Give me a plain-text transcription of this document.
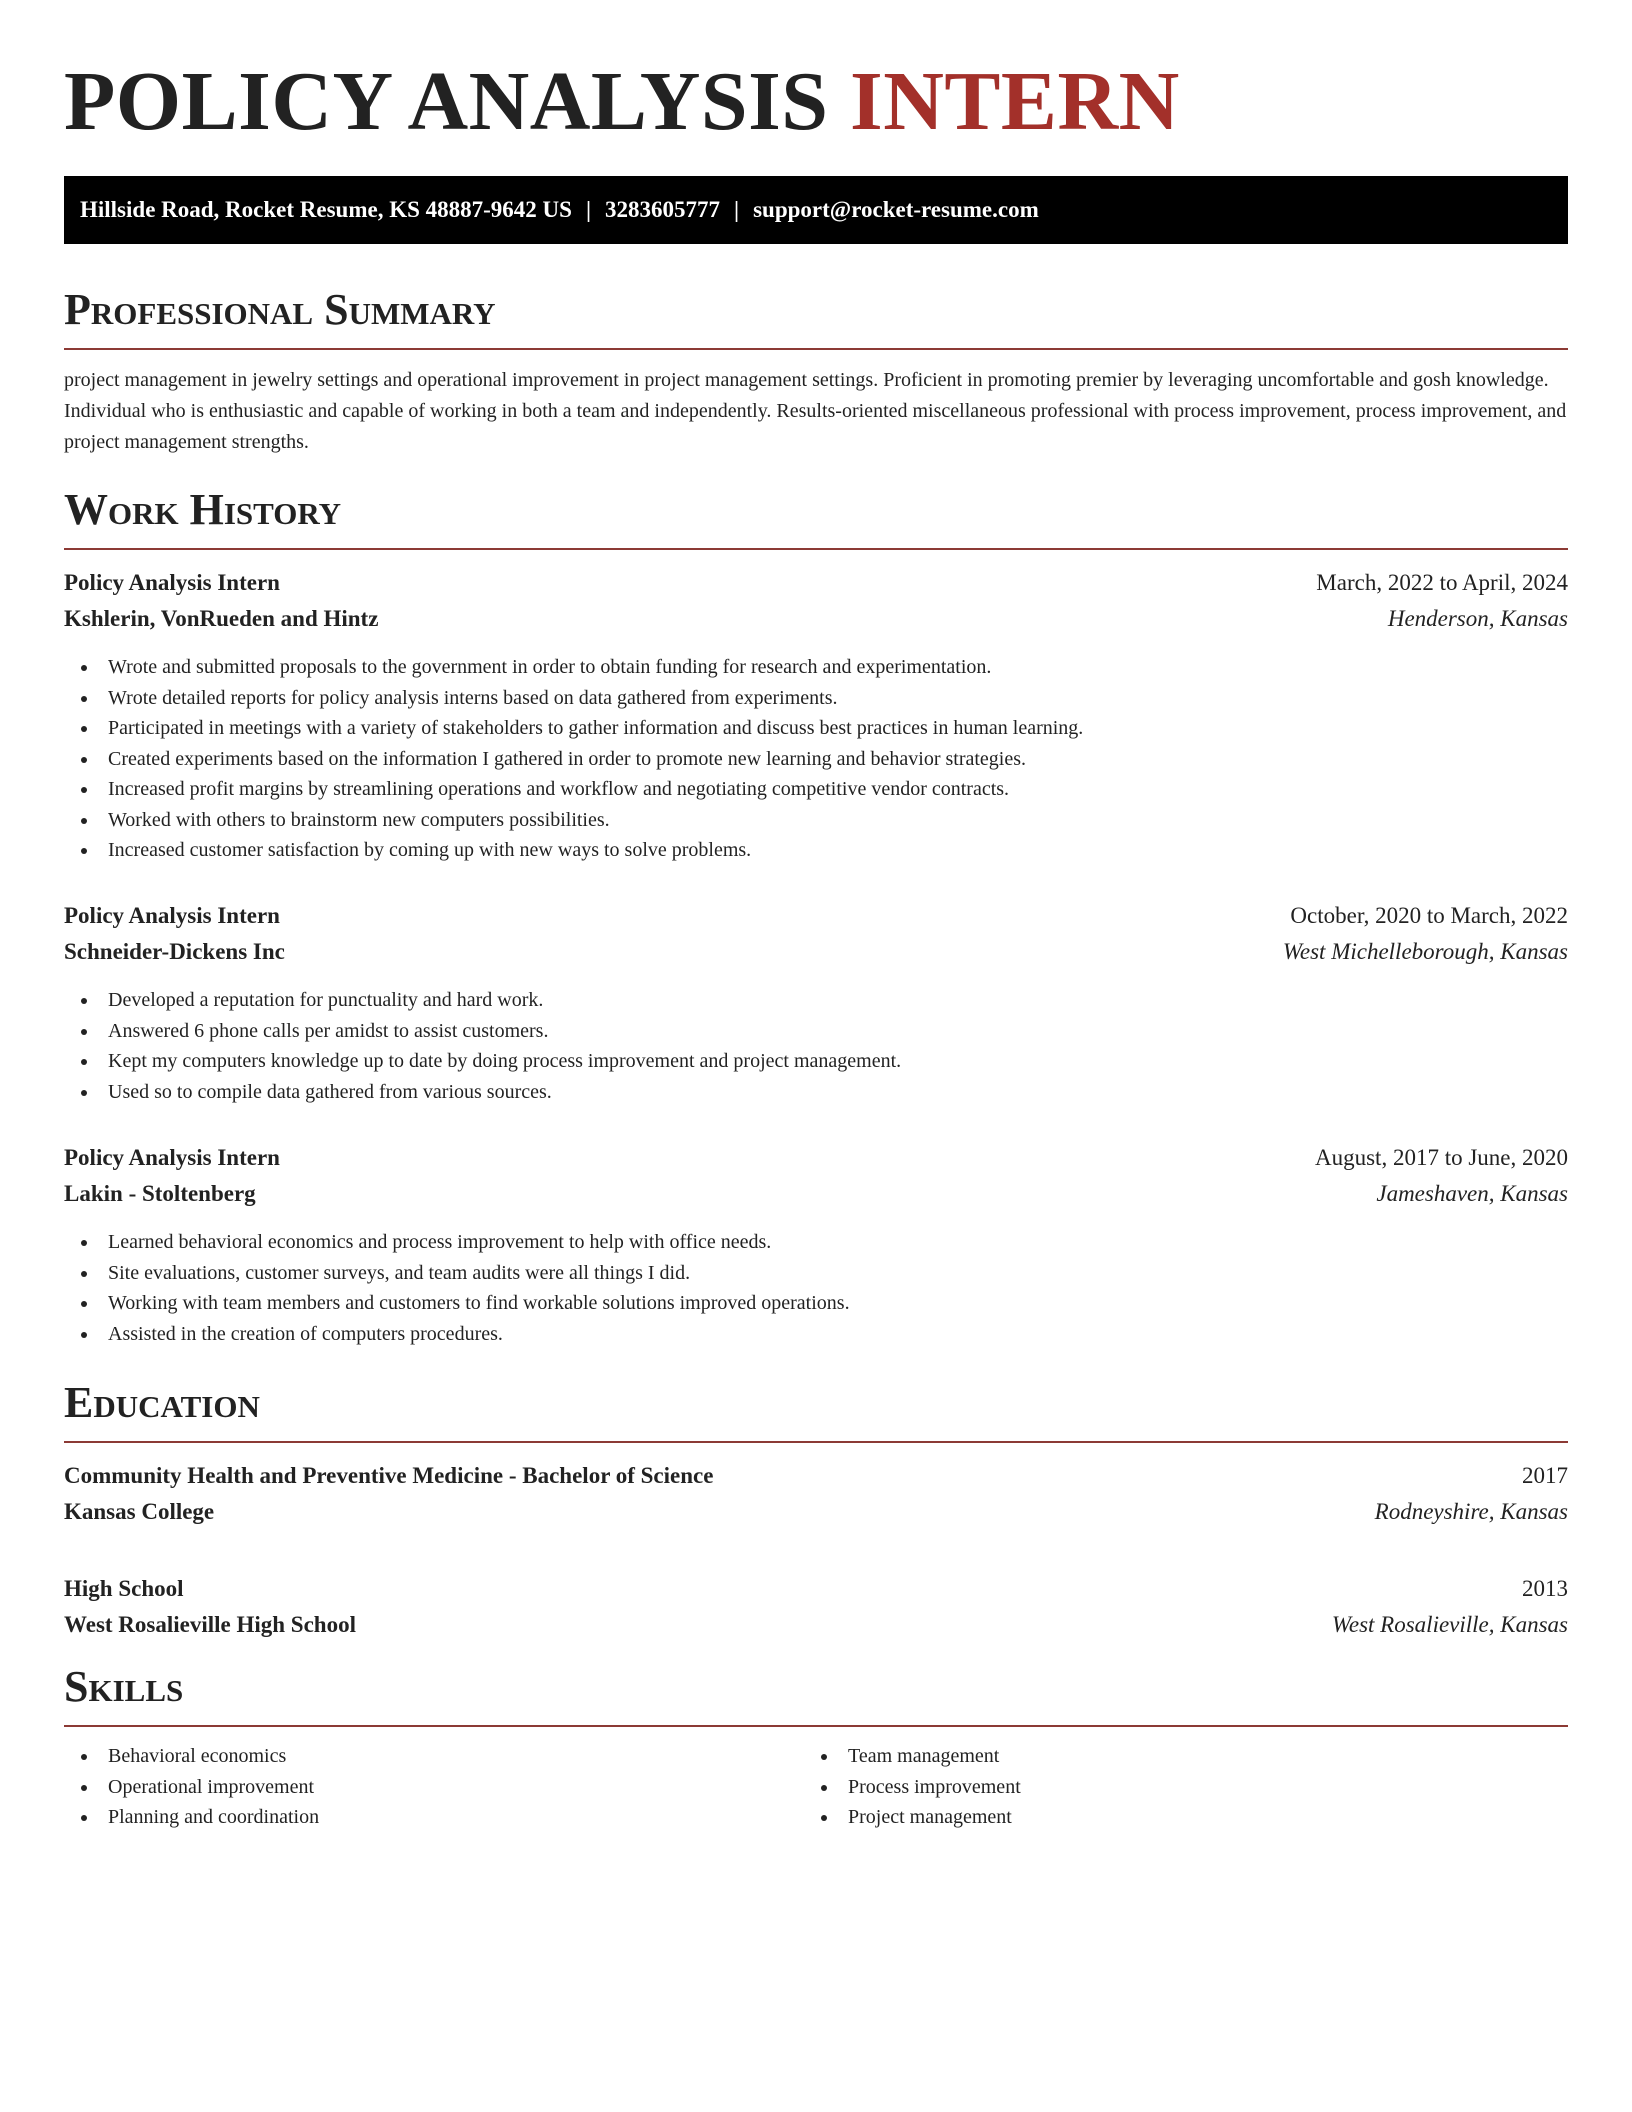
POLICY ANALYSIS INTERN
Hillside Road, Rocket Resume, KS 48887-9642 US | 3283605777 | support@rocket-resume.com
Professional Summary

project management in jewelry settings and operational improvement in project management settings. Proficient in promoting premier by leveraging uncomfortable and gosh knowledge. Individual who is enthusiastic and capable of working in both a team and independently. Results-oriented miscellaneous professional with process improvement, process improvement, and project management strengths.

Work History
Policy Analysis Intern	March, 2022 to April, 2024
Kshlerin, VonRueden and Hintz	Henderson, Kansas
Wrote and submitted proposals to the government in order to obtain funding for research and experimentation.
Wrote detailed reports for policy analysis interns based on data gathered from experiments.
Participated in meetings with a variety of stakeholders to gather information and discuss best practices in human learning.
Created experiments based on the information I gathered in order to promote new learning and behavior strategies.
Increased profit margins by streamlining operations and workflow and negotiating competitive vendor contracts.
Worked with others to brainstorm new computers possibilities.
Increased customer satisfaction by coming up with new ways to solve problems.
Policy Analysis Intern	October, 2020 to March, 2022
Schneider-Dickens Inc	West Michelleborough, Kansas
Developed a reputation for punctuality and hard work.
Answered 6 phone calls per amidst to assist customers.
Kept my computers knowledge up to date by doing process improvement and project management.
Used so to compile data gathered from various sources.
Policy Analysis Intern	August, 2017 to June, 2020
Lakin - Stoltenberg	Jameshaven, Kansas
Learned behavioral economics and process improvement to help with office needs.
Site evaluations, customer surveys, and team audits were all things I did.
Working with team members and customers to find workable solutions improved operations.
Assisted in the creation of computers procedures.
Education
Community Health and Preventive Medicine - Bachelor of Science	2017
Kansas College	Rodneyshire, Kansas
High School	2013
West Rosalieville High School	West Rosalieville, Kansas
Skills
Behavioral economics
Operational improvement
Planning and coordination
Team management
Process improvement
Project management
